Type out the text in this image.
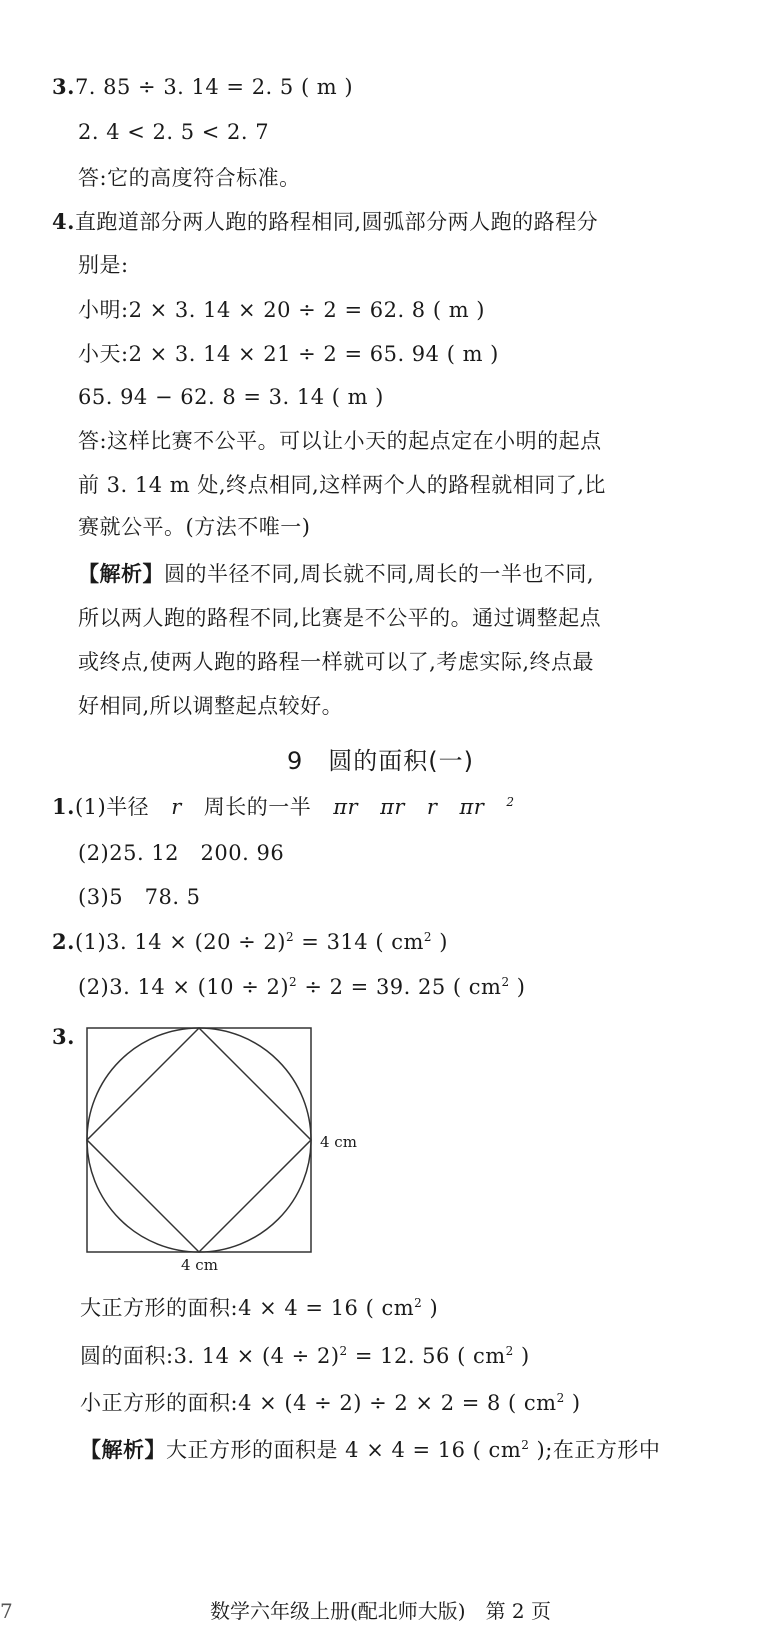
3.7. 85 ÷ 3. 14 = 2. 5 ( m )
2. 4 < 2. 5 < 2. 7
答:它的高度符合标准。
4.直跑道部分两人跑的路程相同,圆弧部分两人跑的路程分
别是:
小明:2 × 3. 14 × 20 ÷ 2 = 62. 8 ( m )
小天:2 × 3. 14 × 21 ÷ 2 = 65. 94 ( m )
65. 94 − 62. 8 = 3. 14 ( m )
答:这样比赛不公平。可以让小天的起点定在小明的起点
前 3. 14 m 处,终点相同,这样两个人的路程就相同了,比
赛就公平。(方法不唯一)
【解析】圆的半径不同,周长就不同,周长的一半也不同,
所以两人跑的路程不同,比赛是不公平的。通过调整起点
或终点,使两人跑的路程一样就可以了,考虑实际,终点最
好相同,所以调整起点较好。
9　圆的面积(一)
1.(1)半径 r 周长的一半 πr πr r πr 2
(2)25. 12　200. 96
(3)5　78. 5
2.(1)3. $14 \times (20 \div 2)^2 = 314$ ( $cm^2$ )
(2)3. $14 \times (10 \div 2)^2 \div 2 = 39$. 25 ( $cm^2$ )
3.
4 cm
4 cm
大正方形的面积:4 × 4 = 16 ( $cm^2$ )
圆的面积:3. $14 \times (4 \div 2)^2 = 12$. 56 ( $cm^2$ )
小正方形的面积:4 × (4 ÷ 2) ÷ 2 × 2 = 8 ( $cm^2$ )
【解析】大正方形的面积是 4 × 4 = 16 ( $cm^2$ );在正方形中
7	数学六年级上册(配北师大版)　第 2 页
